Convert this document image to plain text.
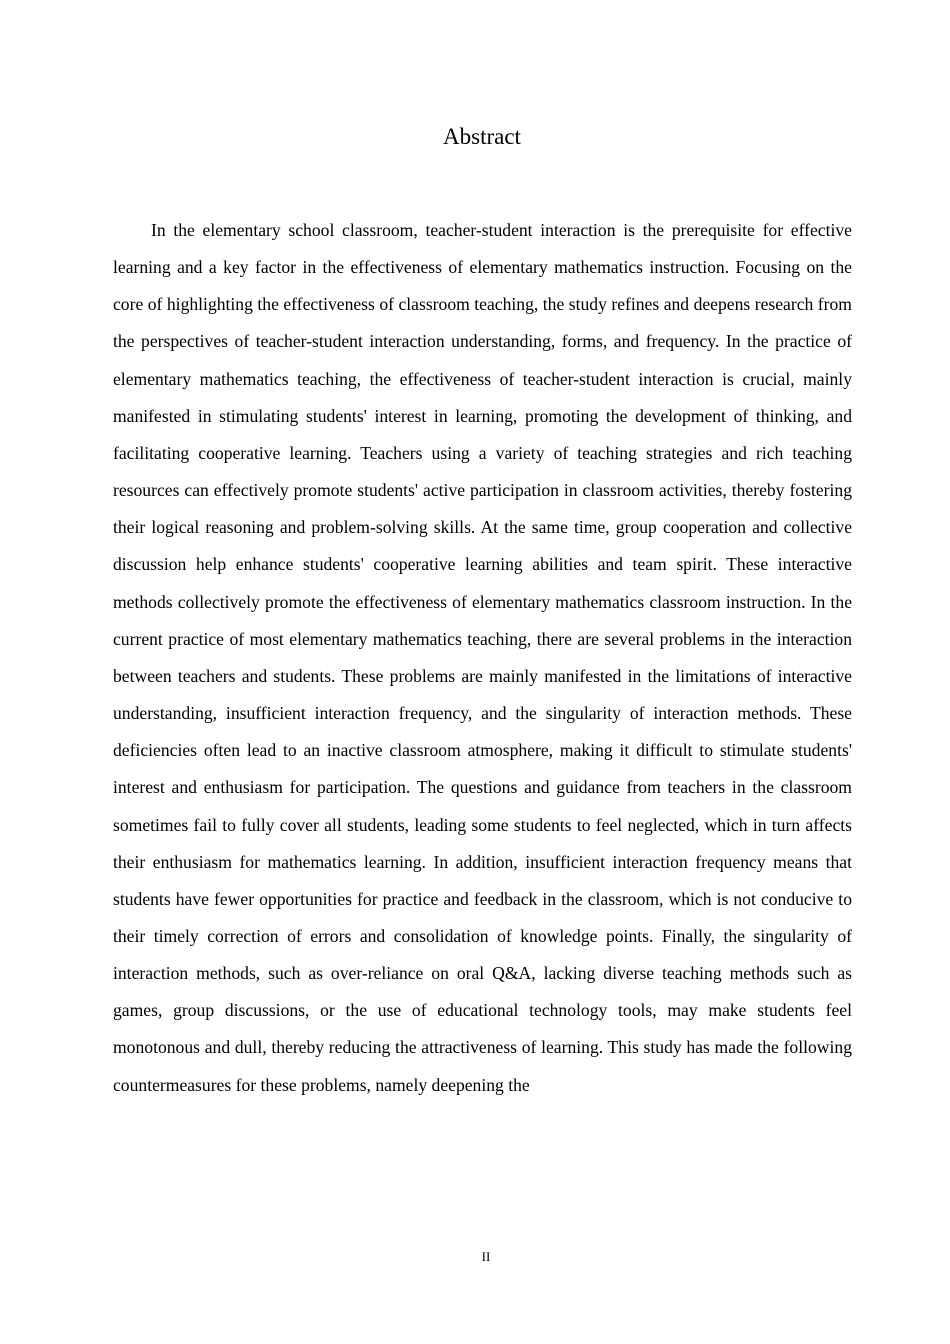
Abstract

In the elementary school classroom, teacher-student interaction is the prerequisite for effective learning and a key factor in the effectiveness of elementary mathematics instruction. Focusing on the core of highlighting the effectiveness of classroom teaching, the study refines and deepens research from the perspectives of teacher-student interaction understanding, forms, and frequency. In the practice of elementary mathematics teaching, the effectiveness of teacher-student interaction is crucial, mainly manifested in stimulating students' interest in learning, promoting the development of thinking, and facilitating cooperative learning. Teachers using a variety of teaching strategies and rich teaching resources can effectively promote students' active participation in classroom activities, thereby fostering their logical reasoning and problem-solving skills. At the same time, group cooperation and collective discussion help enhance students' cooperative learning abilities and team spirit. These interactive methods collectively promote the effectiveness of elementary mathematics classroom instruction. In the current practice of most elementary mathematics teaching, there are several problems in the interaction between teachers and students. These problems are mainly manifested in the limitations of interactive understanding, insufficient interaction frequency, and the singularity of interaction methods. These deficiencies often lead to an inactive classroom atmosphere, making it difficult to stimulate students' interest and enthusiasm for participation. The questions and guidance from teachers in the classroom sometimes fail to fully cover all students, leading some students to feel neglected, which in turn affects their enthusiasm for mathematics learning. In addition, insufficient interaction frequency means that students have fewer opportunities for practice and feedback in the classroom, which is not conducive to their timely correction of errors and consolidation of knowledge points. Finally, the singularity of interaction methods, such as over-reliance on oral Q&A, lacking diverse teaching methods such as games, group discussions, or the use of educational technology tools, may make students feel monotonous and dull, thereby reducing the attractiveness of learning. This study has made the following countermeasures for these problems, namely deepening the

II
